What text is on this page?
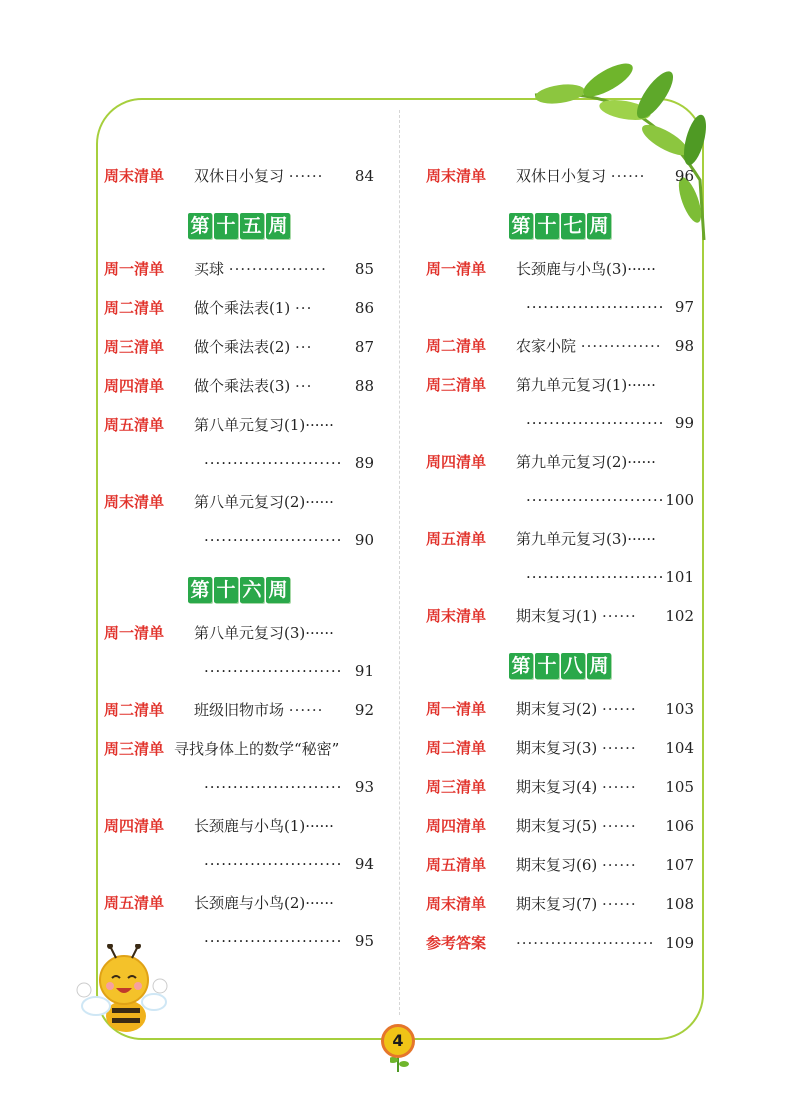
周末清单 双休日小复习 ······	84
第 十 五 周
周一清单 买球 ·················	85
周二清单 做个乘法表(1) ···	86
周三清单 做个乘法表(2) ···	87
周四清单 做个乘法表(3) ···	88
周五清单 第八单元复习(1)······
························ 89
周末清单 第八单元复习(2)······
························ 90
第 十 六 周
周一清单 第八单元复习(3)······
························ 91
周二清单 班级旧物市场 ······	92
周三清单 寻找身体上的数学“秘密”
························ 93
周四清单 长颈鹿与小鸟(1)······
························ 94
周五清单 长颈鹿与小鸟(2)······
························ 95
周末清单 双休日小复习 ······	96
第 十 七 周
周一清单 长颈鹿与小鸟(3)······
························ 97
周二清单 农家小院 ·············· 98
周三清单 第九单元复习(1)······
························ 99
周四清单 第九单元复习(2)······
························ 100
周五清单 第九单元复习(3)······
························ 101
周末清单 期末复习(1) ······	102
第 十 八 周
周一清单 期末复习(2) ······	103
周二清单 期末复习(3) ······	104
周三清单 期末复习(4) ······	105
周四清单 期末复习(5) ······	106
周五清单 期末复习(6) ······	107
周末清单 期末复习(7) ······	108
参考答案 ························ 109
4
